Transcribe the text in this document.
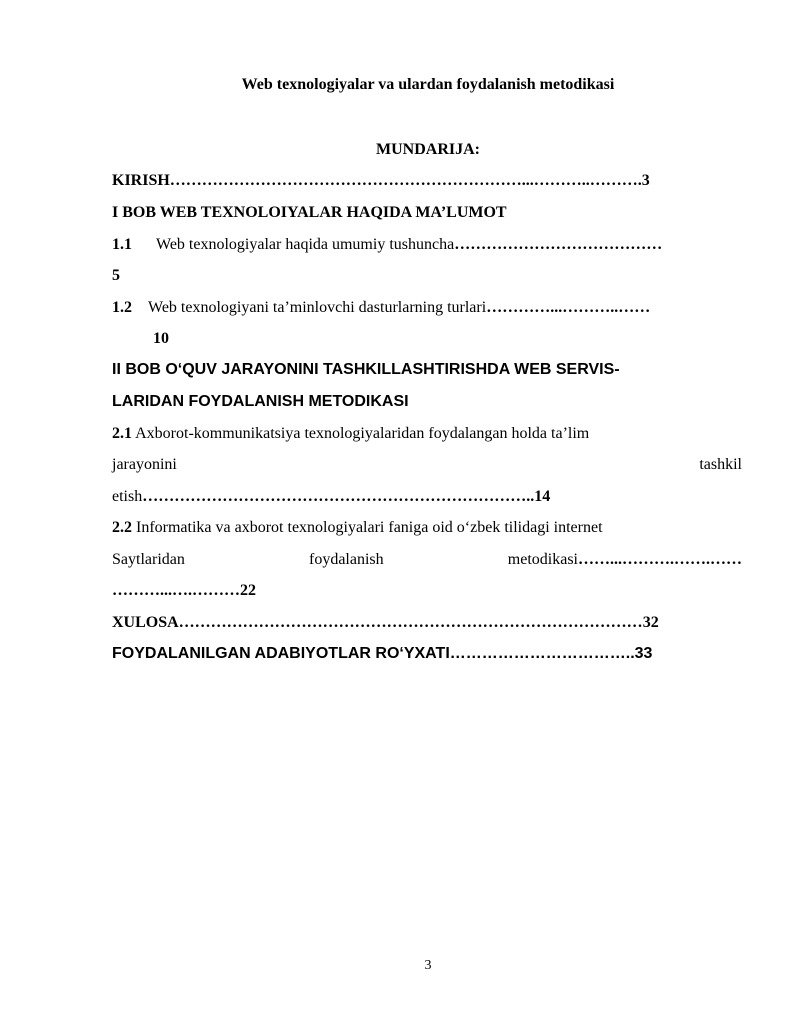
Web texnologiyalar va ulardan foydalanish metodikasi
MUNDARIJA:
KIRISH…………………………………………………………...………..……….3
I BOB WEB TEXNOLOIYALAR HAQIDA MA’LUMOT
1.1 Web texnologiyalar haqida umumiy tushuncha…………………………………
5
1.2 Web texnologiyani ta’minlovchi dasturlarning turlari…………...………..……
10
II BOB O‘QUV JARAYONINI TASHKILLASHTIRISHDA WEB SERVIS-
LARIDAN FOYDALANISH METODIKASI
2.1 Axborot-kommunikatsiya texnologiyalaridan foydalangan holda ta’lim
jarayonini	tashkil
etish………………………………………………………………..14
2.2 Informatika va axborot texnologiyalari faniga oid o‘zbek tilidagi internet
Saytlaridan	foydalanish	metodikasi……...……….…….……
………...….………22
XULOSA……………………………………………………………………………32
FOYDALANILGAN ADABIYOTLAR RO‘YXATI……………………………..33
3
